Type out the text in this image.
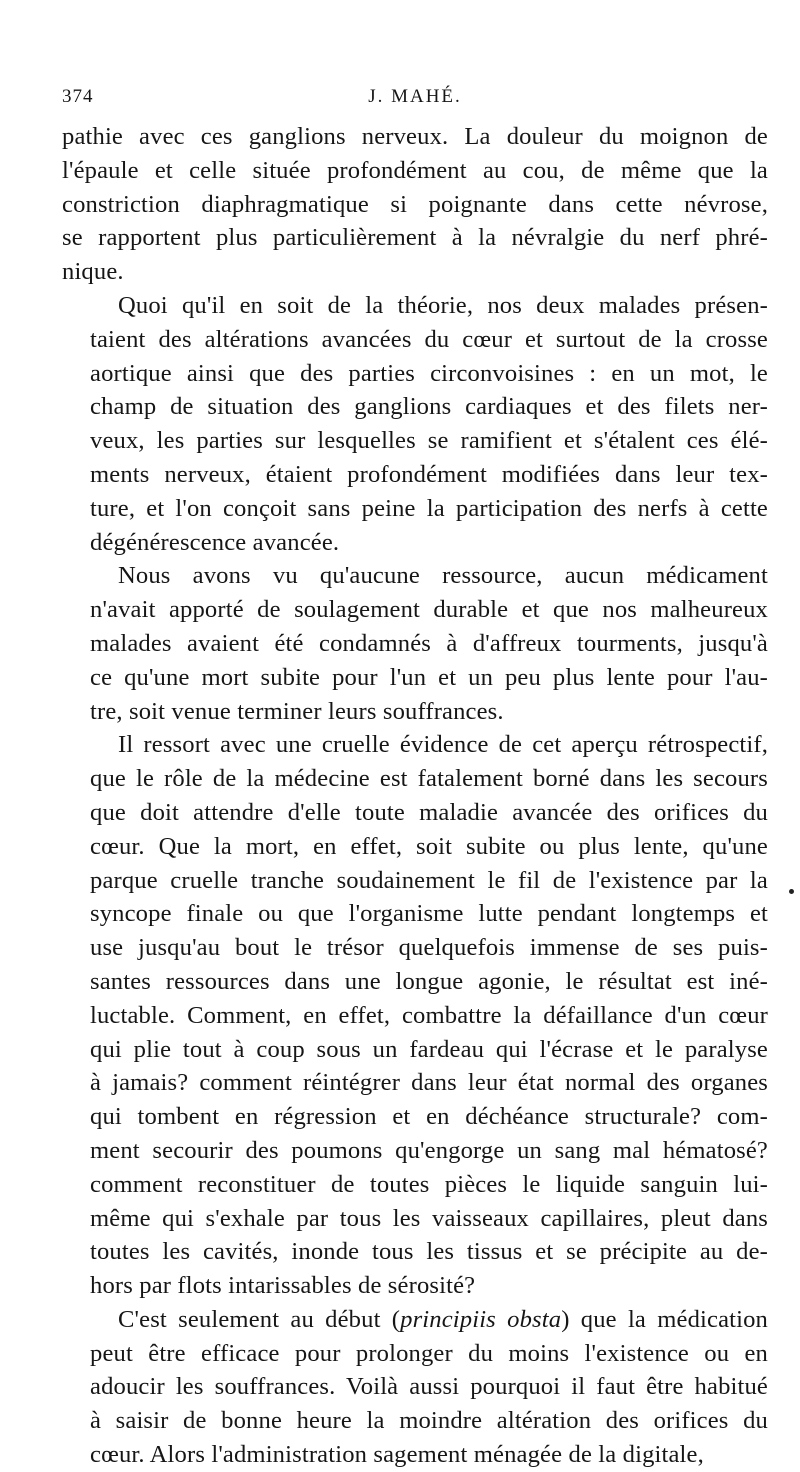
374	J. MAHÉ.

pathie avec ces ganglions nerveux. La douleur du moignon de
l'épaule et celle située profondément au cou, de même que la
constriction diaphragmatique si poignante dans cette névrose,
se rapportent plus particulièrement à la névralgie du nerf phré-
nique.

Quoi qu'il en soit de la théorie, nos deux malades présen-
taient des altérations avancées du cœur et surtout de la crosse
aortique ainsi que des parties circonvoisines : en un mot, le
champ de situation des ganglions cardiaques et des filets ner-
veux, les parties sur lesquelles se ramifient et s'étalent ces élé-
ments nerveux, étaient profondément modifiées dans leur tex-
ture, et l'on conçoit sans peine la participation des nerfs à cette
dégénérescence avancée.

Nous avons vu qu'aucune ressource, aucun médicament
n'avait apporté de soulagement durable et que nos malheureux
malades avaient été condamnés à d'affreux tourments, jusqu'à
ce qu'une mort subite pour l'un et un peu plus lente pour l'au-
tre, soit venue terminer leurs souffrances.

Il ressort avec une cruelle évidence de cet aperçu rétrospectif,
que le rôle de la médecine est fatalement borné dans les secours
que doit attendre d'elle toute maladie avancée des orifices du
cœur. Que la mort, en effet, soit subite ou plus lente, qu'une
parque cruelle tranche soudainement le fil de l'existence par la
syncope finale ou que l'organisme lutte pendant longtemps et
use jusqu'au bout le trésor quelquefois immense de ses puis-
santes ressources dans une longue agonie, le résultat est iné-
luctable. Comment, en effet, combattre la défaillance d'un cœur
qui plie tout à coup sous un fardeau qui l'écrase et le paralyse
à jamais? comment réintégrer dans leur état normal des organes
qui tombent en régression et en déchéance structurale? com-
ment secourir des poumons qu'engorge un sang mal hématosé?
comment reconstituer de toutes pièces le liquide sanguin lui-
même qui s'exhale par tous les vaisseaux capillaires, pleut dans
toutes les cavités, inonde tous les tissus et se précipite au de-
hors par flots intarissables de sérosité?

C'est seulement au début (principiis obsta) que la médication
peut être efficace pour prolonger du moins l'existence ou en
adoucir les souffrances. Voilà aussi pourquoi il faut être habitué
à saisir de bonne heure la moindre altération des orifices du
cœur. Alors l'administration sagement ménagée de la digitale,
